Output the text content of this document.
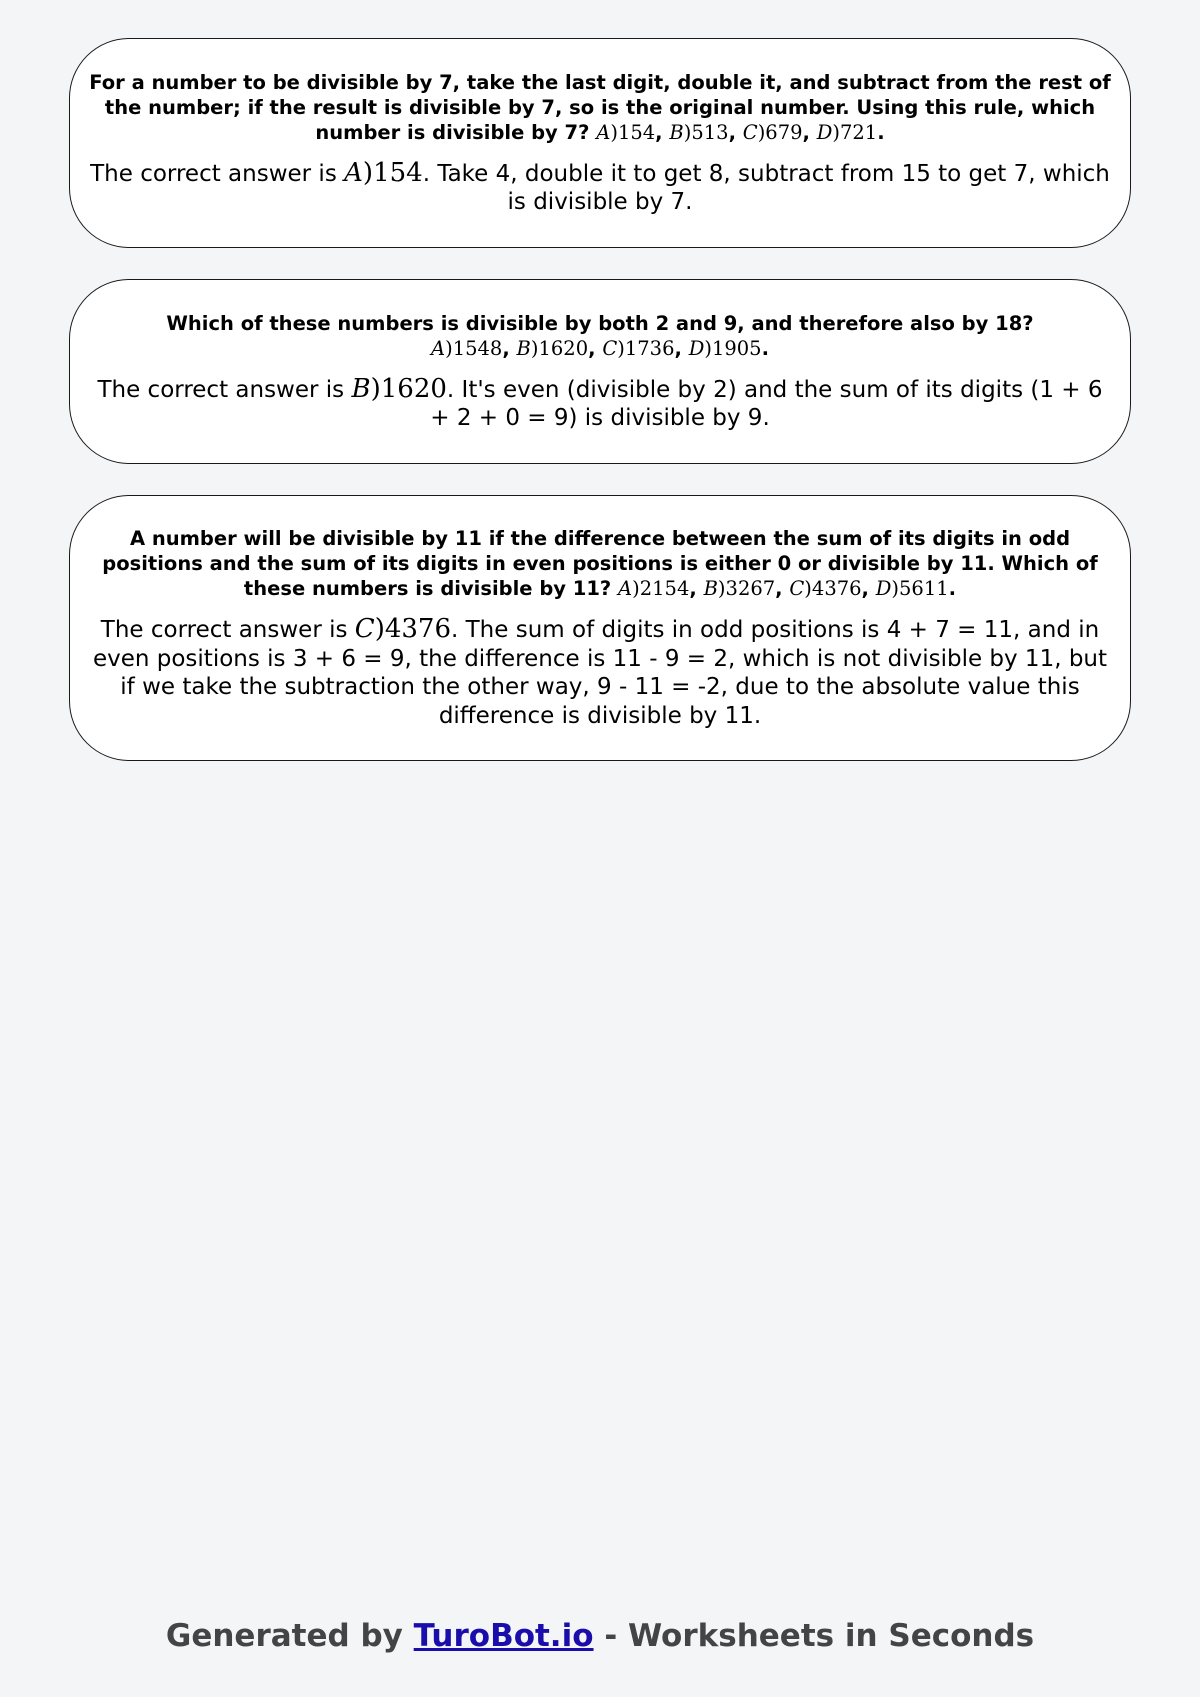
For a number to be divisible by 7, take the last digit, double it, and subtract from the rest of the number; if the result is divisible by 7, so is the original number. Using this rule, which number is divisible by 7? A)154, B)513, C)679, D)721.

The correct answer is A)154. Take 4, double it to get 8, subtract from 15 to get 7, which is divisible by 7.

Which of these numbers is divisible by both 2 and 9, and therefore also by 18?
A)1548, B)1620, C)1736, D)1905.

The correct answer is B)1620. It's even (divisible by 2) and the sum of its digits (1 + 6 + 2 + 0 = 9) is divisible by 9.

A number will be divisible by 11 if the difference between the sum of its digits in odd positions and the sum of its digits in even positions is either 0 or divisible by 11. Which of these numbers is divisible by 11? A)2154, B)3267, C)4376, D)5611.

The correct answer is C)4376. The sum of digits in odd positions is 4 + 7 = 11, and in even positions is 3 + 6 = 9, the difference is 11 - 9 = 2, which is not divisible by 11, but if we take the subtraction the other way, 9 - 11 = -2, due to the absolute value this difference is divisible by 11.

Generated by TuroBot.io - Worksheets in Seconds
